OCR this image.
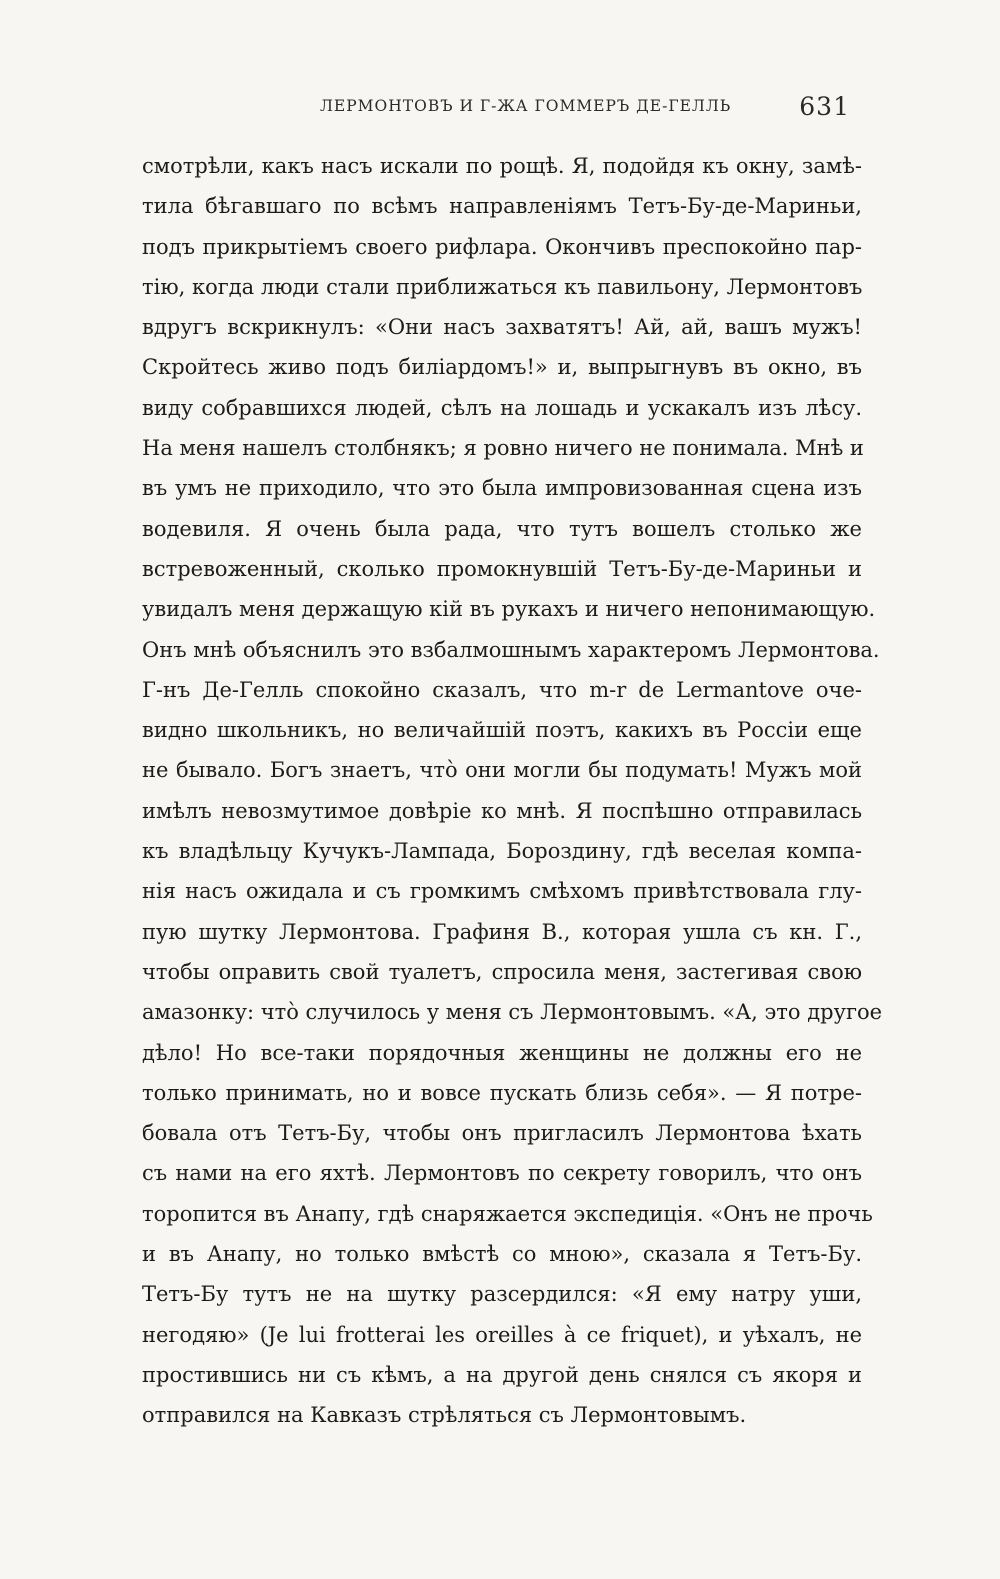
ЛЕРМОНТОВЪ И Г-ЖА ГОММЕРЪ ДЕ-ГЕЛЛЬ	631
смотрѣли, какъ насъ искали по рощѣ. Я, подойдя къ окну, замѣ-
тила бѣгавшаго по всѣмъ направленіямъ Тетъ-Бу-де-Мариньи,
подъ прикрытіемъ своего рифлара. Окончивъ преспокойно пар-
тію, когда люди стали приближаться къ павильону, Лермонтовъ
вдругъ вскрикнулъ: «Они насъ захватятъ! Ай, ай, вашъ мужъ!
Скройтесь живо подъ биліардомъ!» и, выпрыгнувъ въ окно, въ
виду собравшихся людей, сѣлъ на лошадь и ускакалъ изъ лѣсу.
На меня нашелъ столбнякъ; я ровно ничего не понимала. Мнѣ и
въ умъ не приходило, что это была импровизованная сцена изъ
водевиля. Я очень была рада, что тутъ вошелъ столько же
встревоженный, сколько промокнувшій Тетъ-Бу-де-Мариньи и
увидалъ меня держащую кій въ рукахъ и ничего непонимающую.
Онъ мнѣ объяснилъ это взбалмошнымъ характеромъ Лермонтова.
Г-нъ Де-Гелль спокойно сказалъ, что m-r de Lermantove оче-
видно школьникъ, но величайшій поэтъ, какихъ въ Россіи еще
не бывало. Богъ знаетъ, что̀ они могли бы подумать! Мужъ мой
имѣлъ невозмутимое довѣріе ко мнѣ. Я поспѣшно отправилась
къ владѣльцу Кучукъ-Лампада, Бороздину, гдѣ веселая компа-
нія насъ ожидала и съ громкимъ смѣхомъ привѣтствовала глу-
пую шутку Лермонтова. Графиня В., которая ушла съ кн. Г.,
чтобы оправить свой туалетъ, спросила меня, застегивая свою
амазонку: что̀ случилось у меня съ Лермонтовымъ. «А, это другое
дѣло! Но все-таки порядочныя женщины не должны его не
только принимать, но и вовсе пускать близь себя». — Я потре-
бовала отъ Тетъ-Бу, чтобы онъ пригласилъ Лермонтова ѣхать
съ нами на его яхтѣ. Лермонтовъ по секрету говорилъ, что онъ
торопится въ Анапу, гдѣ снаряжается экспедиція. «Онъ не прочь
и въ Анапу, но только вмѣстѣ со мною», сказала я Тетъ-Бу.
Тетъ-Бу тутъ не на шутку разсердился: «Я ему натру уши,
негодяю» (Je lui frotterai les oreilles à ce friquet), и уѣхалъ, не
простившись ни съ кѣмъ, а на другой день снялся съ якоря и
отправился на Кавказъ стрѣляться съ Лермонтовымъ.
